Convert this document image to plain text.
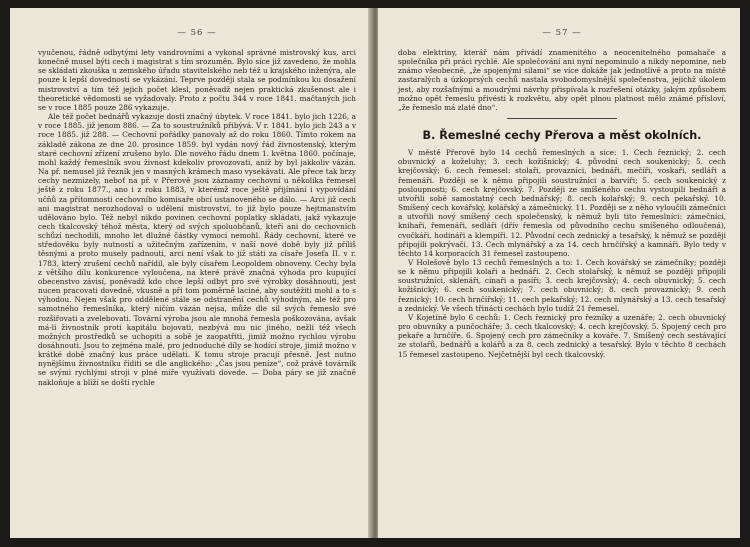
— 56 —

vyučenou, řádně odbytými lety vandrovními a vykonal správné mistrovský kus, arci konečně musel býti cech i magistrat s tím srozuměn. Bylo sice již zavedeno, že mohla se skládati zkouška u zemského úřadu stavitelského neb též u krajského inženýra, ale pouze k lepší dovednosti se vykázání. Teprve později stala se podmínkou ku dosažení mistrovství a tím též jejich počet klesl, poněvadž nejen praktická zkušenost ale i theoretické vědomosti se vyžadovaly. Proto z počtu 344 v roce 1841. mačtaných jich se v roce 1885 pouze 286 vykazuje.

Ale též počet bednářů vykazuje dosti značný úbytek. V roce 1841. bylo jich 1226, a v roce 1885. již jenom 886. — Za to soustružníků přibývá. V r. 1841. bylo jich 243 a v roce 1885. již 288. — Cechovní pořádky panovaly až do roku 1860. Tímto rokem na základě zákona ze dne 20. prosince 1859. byl vydán nový řád živnostenský, kterým staré cechovní zřízení zrušeno bylo. Dle nového řádu dnem 1. května 1860. počínaje, mohl každý řemeslník svou živnost kdekoliv provozovati, aniž by byl jakkoliv vázán. Na př. nemusel již řezník jen v masných krámech maso vysekávati. Ale přece tak brzy cechy nezmizely, neboť na př. v Přerově jsou záznamy cechovní u několika řemesel ještě z roku 1877., ano i z roku 1883, v kterémž roce ještě přijímání i vypovídání učňů za přítomnosti cechovního komisaře obcí ustanoveného se dálo. — Arci již cech ani magistrat nerozhodoval o udělení mistrovství, to již bylo pouze hejtmanstvím udělováno bylo. Též nebyl nikdo povinen cechovní poplatky skládati, jakž vykazuje cech tkalcovský téhož města, který od svých spoluobčanů, kteří ani do cechovních schůzí nechodili, mnoho let dlužné částky vymoci nemohl. Řády cechovní, které ve středověku byly nutností a užitečným zařízením, v naší nové době byly již příliš těsnými a proto musely padnouti, arci není však to již státi za císaře Josefa II. v r. 1783, který zrušení cechů nařídil, ale byly císařem Leopoldem obnoveny. Cechy byla z většího dílu konkurence vyloučena, na které právě značná výhoda pro kupující obecenstvo závisí, poněvadž kdo chce lepší odbyt pro své výrobky dosáhnouti, jest nucen pracovati dovedně, vkusně a při tom poměrně laciné, aby soutěžiti mohl a to s výhodou. Nejen však pro oddělené stále se odstranění cechů výhodným, ale též pro samotného řemeslníka, který ničím vázán nejsa, může dle sil svých řemeslo své rozšiřovati a zvelebovati. Tovární výroba jsou ale mnohá řemesla poškozována, avšak má-li živnostník proti kapitálu bojovati, nezbývá mu nic jiného, nežli též všech možných prostředků se uchopiti a sobě je zaopatřiti, jimiž možno rychlou výrobu dosáhnouti. Jsou to zejména malé, pro jednoduché díly se hodící stroje, jimiž možno v krátké době značný kus práce udělati. K tomu stroje pracují přesně. Jest nutno nynějšímu živnostníku říditi se dle anglického: „Čas jsou peníze“, což právě továrník se svými rychlými stroji v plné míře využívati dovede. — Doba páry se již značně nakloňuje a blíží se doští rychle

— 57 —

doba elektriny, kterář nám přivádí znamenitého a neocenitelného pomahače a společníka při práci rychlé. Ale společování ani nyní nepominulo a nikdy nepomine, neb známo všeobecně, „že spojenými silami“ se více dokáže jak jednotlivě a proto na místě zastaralých a úzkoprsých cechů nastala svobodomyslnější společenstva, jejichž úkolem jest, aby rozšafnými a moudrými návrhy přispívala k rozřešení otázky, jakým způsobem možno opět řemeslu přivésti k rozkvětu, aby opět plnou platnost mělo známé přísloví, „že řemeslo má zlaté dno“.

B. Řemeslné cechy Přerova a měst okolních.

V městě Přerově bylo 14 cechů řemeslných a sice: 1. Cech řeznický; 2. cech obuvnický a koželuhy; 3. cech kožišnický; 4. původní cech soukenický; 5. cech krejčovský; 6. cech řemesel: stolaři, provazníci, bednáři, mečíři, voskaři, sedláři a řemenáři. Později se k němu připojili soustružníci a barvíři; 5. cech soukenický z posloupnosti; 6. cech krejčovský. 7. Později ze smíšeného cechu vystoupili bednáři a utvořili sobě samostatný cech bednářský; 8. cech kolařský; 9. cech pekařský. 10. Smíšený cech kovářský, kolářský a zámečnický. 11. Později se z něho vyloučili zámečníci a utvořili nový smíšený cech společenský, k němuž byli tito řemeslníci: zámečníci, knihaři, řemenáři, sedláři (dřív řemesla od původního cechu smíšeného odloučená), cvočkáři, hodináři a klempíři. 12. Původní cech zednický a tesařský, k němuž se později připojili pokrývači. 13. Cech mlynářský a za 14. cech hrnčířský a kamnáři. Bylo tedy v těchto 14 korporacích 31 řemesel zastoupeno.

V Holešově bylo 13 cechů řemeslných a to: 1. Cech kovářský se zámečníky; později se k němu připojili kolaři a bednáři. 2. Cech stolařský, k němuž se později připojili soustružníci, sklenáři, cínaři a pasíři; 3. cech krejčovský; 4. cech obuvnický; 5. cech kožišnický; 6. cech soukenický; 7. cech obuvnický; 8. cech provaznický; 9. cech řeznický; 10. cech hrnčířský; 11. cech pekařský; 12. cech mlynářský a 13. cech tesařský a zednický. Ve všech třinácti cechách bylo tudíž 21 řemesel.

V Kojetíně bylo 6 cechů: 1. Cech řeznický pro řezníky a uzenáře; 2. cech obuvnický pro obuvníky a punčocháře; 3. cech tkalcovský; 4. cech krejčovský. 5. Spojený cech pro pekaře a hrnčíře. 6. Spojený cech pro zámečníky a kováře. 7. Smíšený cech sestávající ze stolařů, bednářů a kolářů a za 8. cech zednický a tesařský. Bylo v těchto 8 cechách 15 řemesel zastoupeno. Nejčetnější byl cech tkalcovský.
